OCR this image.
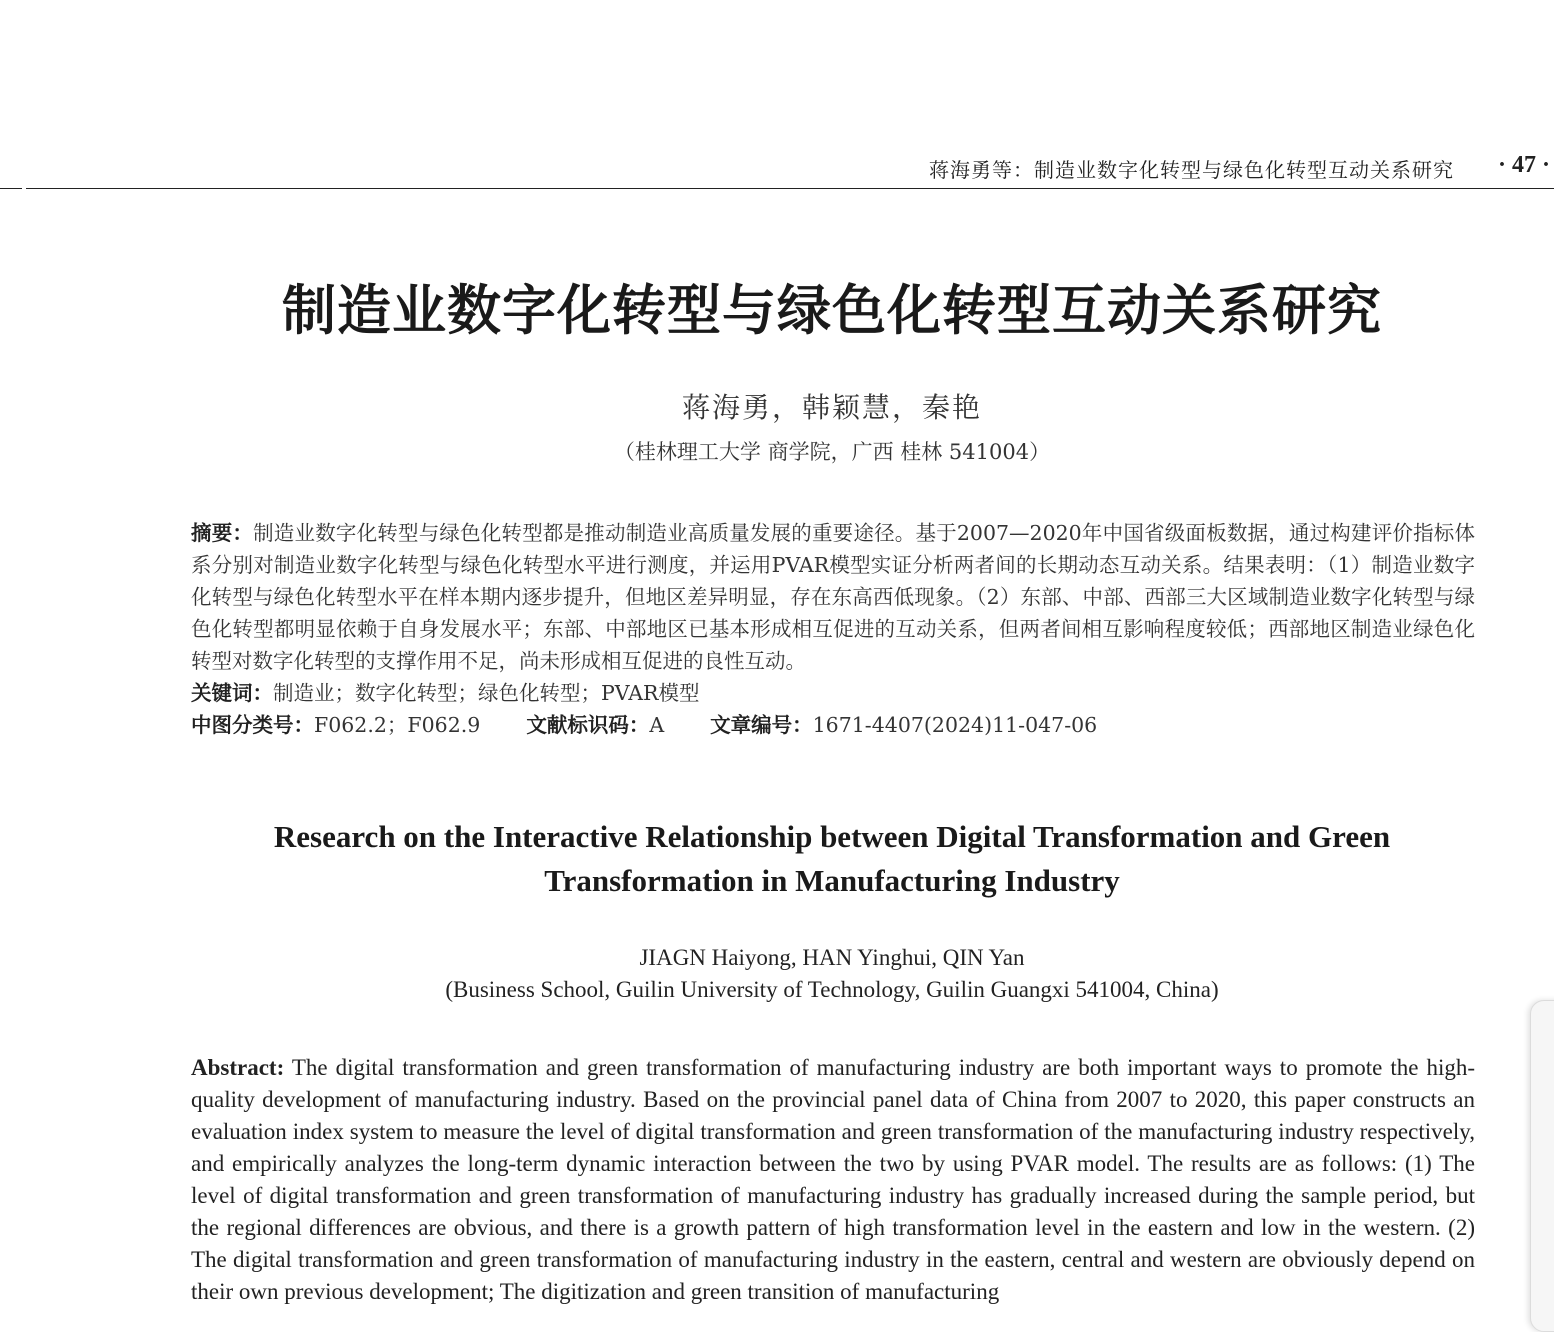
蒋海勇等：制造业数字化转型与绿色化转型互动关系研究 · 47 ·
制造业数字化转型与绿色化转型互动关系研究
蒋海勇，韩颖慧，秦艳
（桂林理工大学 商学院，广西 桂林 541004）

摘要：制造业数字化转型与绿色化转型都是推动制造业高质量发展的重要途径。基于2007—2020年中国省级面板数据，通过构建评价指标体系分别对制造业数字化转型与绿色化转型水平进行测度，并运用PVAR模型实证分析两者间的长期动态互动关系。结果表明：（1）制造业数字化转型与绿色化转型水平在样本期内逐步提升，但地区差异明显，存在东高西低现象。（2）东部、中部、西部三大区域制造业数字化转型与绿色化转型都明显依赖于自身发展水平；东部、中部地区已基本形成相互促进的互动关系，但两者间相互影响程度较低；西部地区制造业绿色化转型对数字化转型的支撑作用不足，尚未形成相互促进的良性互动。

关键词：制造业；数字化转型；绿色化转型；PVAR模型

中图分类号：F062.2；F062.9 文献标识码：A 文章编号：1671-4407(2024)11-047-06

Research on the Interactive Relationship between Digital Transformation and Green
Transformation in Manufacturing Industry
JIAGN Haiyong, HAN Yinghui, QIN Yan
(Business School, Guilin University of Technology, Guilin Guangxi 541004, China)
Abstract: The digital transformation and green transformation of manufacturing industry are both important ways to promote the high-quality development of manufacturing industry. Based on the provincial panel data of China from 2007 to 2020, this paper constructs an evaluation index system to measure the level of digital transformation and green transformation of the manufacturing industry respectively, and empirically analyzes the long-term dynamic interaction between the two by using PVAR model. The results are as follows: (1) The level of digital transformation and green transformation of manufacturing industry has gradually increased during the sample period, but the regional differences are obvious, and there is a growth pattern of high transformation level in the eastern and low in the western. (2) The digital transformation and green transformation of manufacturing industry in the eastern, central and western are obviously depend on their own previous development; The digitization and green transition of manufacturing
